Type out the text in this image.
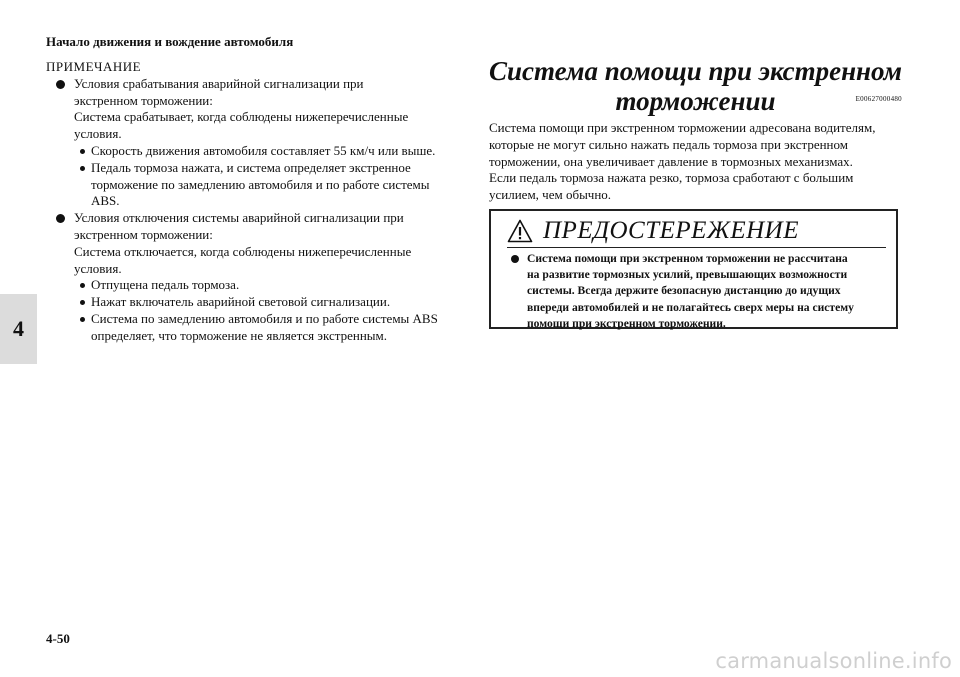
Начало движения и вождение автомобиля
4
ПРИМЕЧАНИЕ
Условия срабатывания аварийной сигнализации при
экстренном торможении:
Система срабатывает, когда соблюдены нижеперечисленные
условия.
Скорость движения автомобиля составляет 55 км/ч или выше.
Педаль тормоза нажата, и система определяет экстренное
торможение по замедлению автомобиля и по работе системы
ABS.
Условия отключения системы аварийной сигнализации при
экстренном торможении:
Система отключается, когда соблюдены нижеперечисленные
условия.
Отпущена педаль тормоза.
Нажат включатель аварийной световой сигнализации.
Система по замедлению автомобиля и по работе системы ABS
определяет, что торможение не является экстренным.
Система помощи при экстренном
торможении	E00627000480
Система помощи при экстренном торможении адресована водителям,
которые не могут сильно нажать педаль тормоза при экстренном
торможении, она увеличивает давление в тормозных механизмах.
Если педаль тормоза нажата резко, тормоза сработают с большим
усилием, чем обычно.
ПРЕДОСТЕРЕЖЕНИЕ
Система помощи при экстренном торможении не рассчитана
на развитие тормозных усилий, превышающих возможности
системы. Всегда держите безопасную дистанцию до идущих
впереди автомобилей и не полагайтесь сверх меры на систему
помощи при экстренном торможении.
4-50
carmanualsonline.info
